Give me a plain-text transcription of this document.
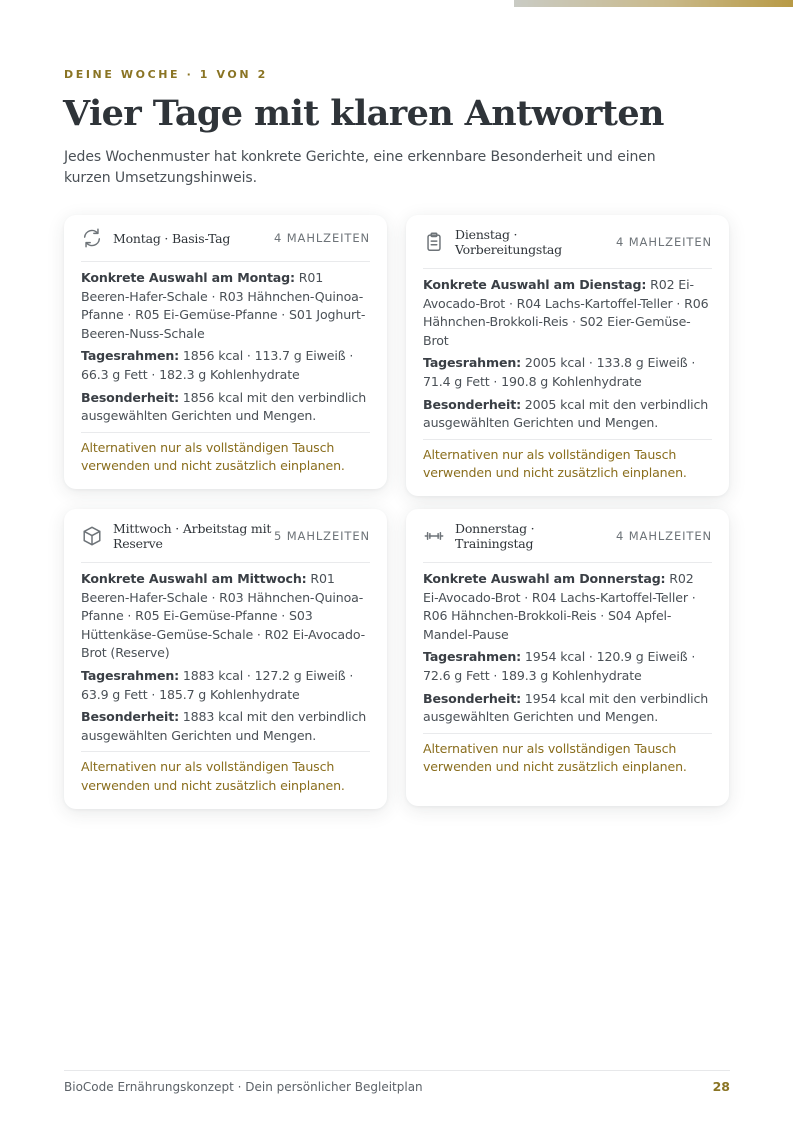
DEINE WOCHE · 1 VON 2
Vier Tage mit klaren Antworten

Jedes Wochenmuster hat konkrete Gerichte, eine erkennbare Besonderheit und einen kurzen Umsetzungshinweis.

Montag · Basis-Tag	4 MAHLZEITEN

Konkrete Auswahl am Montag: R01 Beeren-Hafer-Schale · R03 Hähnchen-Quinoa-Pfanne · R05 Ei-Gemüse-Pfanne · S01 Joghurt-Beeren-Nuss-Schale

Tagesrahmen: 1856 kcal · 113.7 g Eiweiß · 66.3 g Fett · 182.3 g Kohlenhydrate

Besonderheit: 1856 kcal mit den verbindlich ausgewählten Gerichten und Mengen.

Alternativen nur als vollständigen Tausch verwenden und nicht zusätzlich einplanen.

Dienstag · Vorbereitungstag	4 MAHLZEITEN

Konkrete Auswahl am Dienstag: R02 Ei-Avocado-Brot · R04 Lachs-Kartoffel-Teller · R06 Hähnchen-Brokkoli-Reis · S02 Eier-Gemüse-Brot

Tagesrahmen: 2005 kcal · 133.8 g Eiweiß · 71.4 g Fett · 190.8 g Kohlenhydrate

Besonderheit: 2005 kcal mit den verbindlich ausgewählten Gerichten und Mengen.

Alternativen nur als vollständigen Tausch verwenden und nicht zusätzlich einplanen.

Mittwoch · Arbeitstag mit Reserve	5 MAHLZEITEN

Konkrete Auswahl am Mittwoch: R01 Beeren-Hafer-Schale · R03 Hähnchen-Quinoa-Pfanne · R05 Ei-Gemüse-Pfanne · S03 Hüttenkäse-Gemüse-Schale · R02 Ei-Avocado-Brot (Reserve)

Tagesrahmen: 1883 kcal · 127.2 g Eiweiß · 63.9 g Fett · 185.7 g Kohlenhydrate

Besonderheit: 1883 kcal mit den verbindlich ausgewählten Gerichten und Mengen.

Alternativen nur als vollständigen Tausch verwenden und nicht zusätzlich einplanen.

Donnerstag · Trainingstag	4 MAHLZEITEN

Konkrete Auswahl am Donnerstag: R02 Ei-Avocado-Brot · R04 Lachs-Kartoffel-Teller · R06 Hähnchen-Brokkoli-Reis · S04 Apfel-Mandel-Pause

Tagesrahmen: 1954 kcal · 120.9 g Eiweiß · 72.6 g Fett · 189.3 g Kohlenhydrate

Besonderheit: 1954 kcal mit den verbindlich ausgewählten Gerichten und Mengen.

Alternativen nur als vollständigen Tausch verwenden und nicht zusätzlich einplanen.

BioCode Ernährungskonzept · Dein persönlicher Begleitplan	28
